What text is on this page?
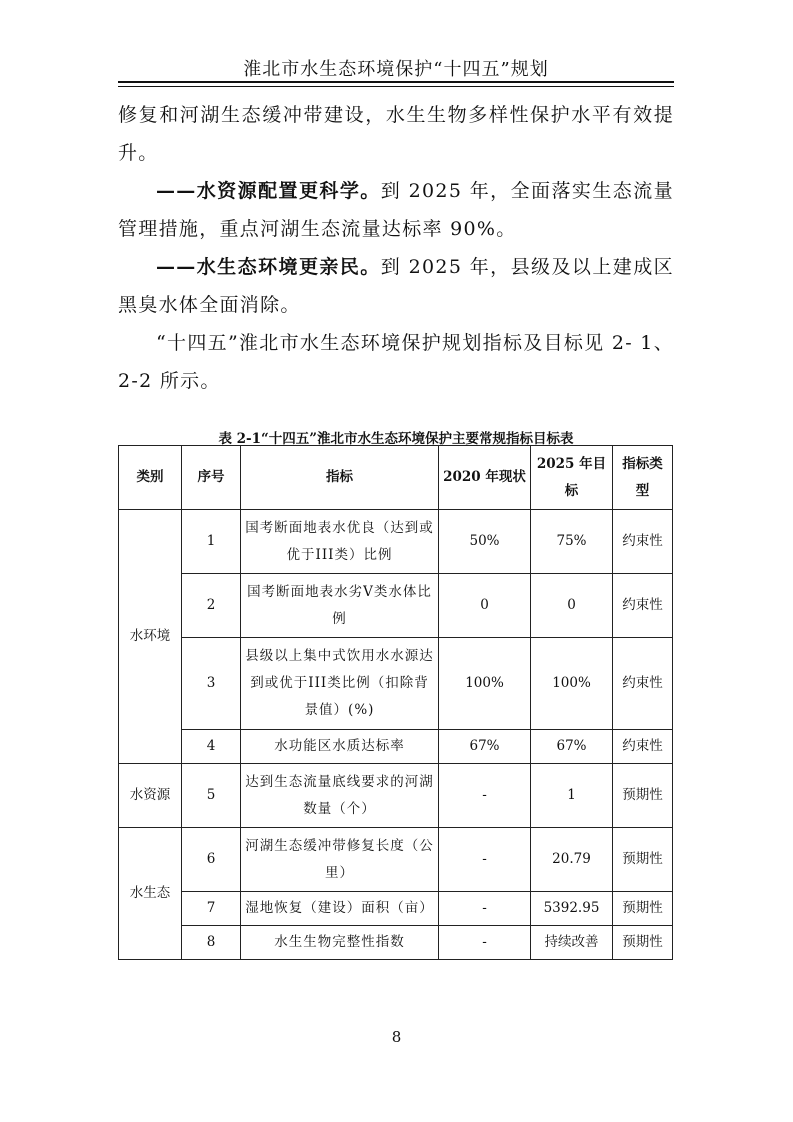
淮北市水生态环境保护“十四五”规划

修复和河湖生态缓冲带建设，水生生物多样性保护水平有效提升。

——水资源配置更科学。到 2025 年，全面落实生态流量管理措施，重点河湖生态流量达标率 90%。

——水生态环境更亲民。到 2025 年，县级及以上建成区黑臭水体全面消除。

“十四五”淮北市水生态环境保护规划指标及目标见 2- 1、2-2 所示。

表 2-1“十四五”淮北市水生态环境保护主要常规指标目标表
类别	序号	指标	2020 年现状	2025 年目标	指标类型
水环境	1	国考断面地表水优良（达到或优于III类）比例	50%	75%	约束性
	2	国考断面地表水劣V类水体比例	0	0	约束性
	3	县级以上集中式饮用水水源达到或优于III类比例（扣除背景值）(%)	100%	100%	约束性
	4	水功能区水质达标率	67%	67%	约束性
水资源	5	达到生态流量底线要求的河湖数量（个）	-	1	预期性
水生态	6	河湖生态缓冲带修复长度（公里）	-	20.79	预期性
	7	湿地恢复（建设）面积（亩）	-	5392.95	预期性
	8	水生生物完整性指数	-	持续改善	预期性
8
